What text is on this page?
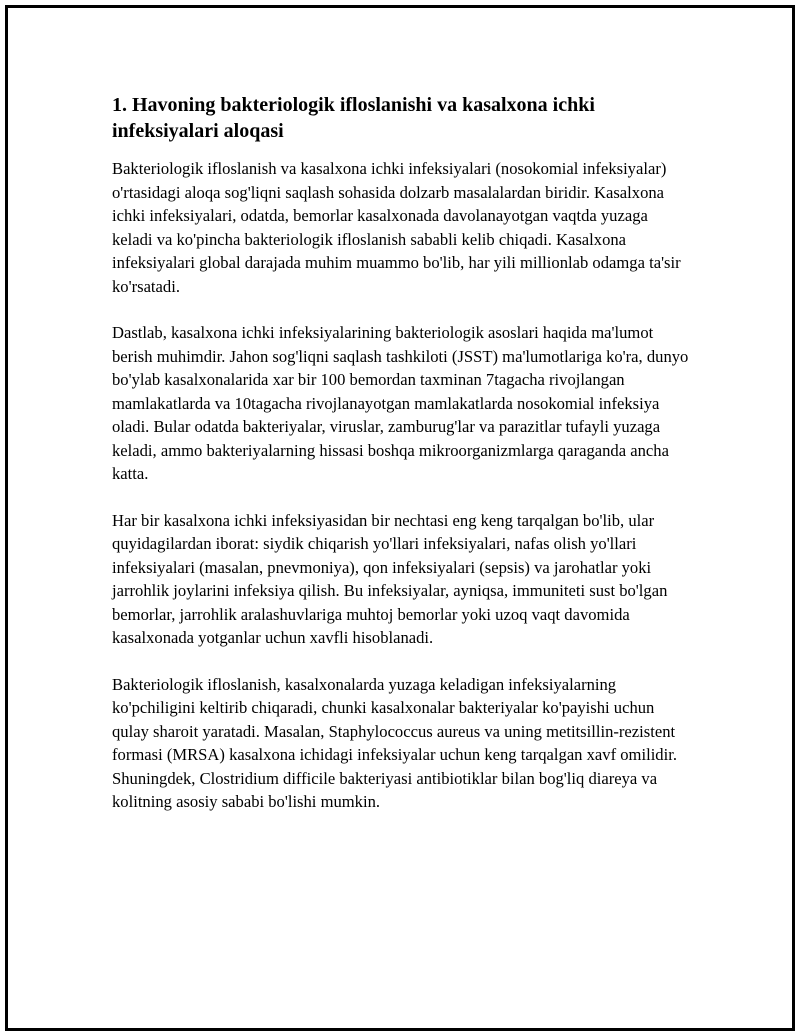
1. Havoning bakteriologik ifloslanishi va kasalxona ichki infeksiyalari aloqasi

Bakteriologik ifloslanish va kasalxona ichki infeksiyalari (nosokomial infeksiyalar) o'rtasidagi aloqa sog'liqni saqlash sohasida dolzarb masalalardan biridir. Kasalxona ichki infeksiyalari, odatda, bemorlar kasalxonada davolanayotgan vaqtda yuzaga keladi va ko'pincha bakteriologik ifloslanish sababli kelib chiqadi. Kasalxona infeksiyalari global darajada muhim muammo bo'lib, har yili millionlab odamga ta'sir ko'rsatadi.

Dastlab, kasalxona ichki infeksiyalarining bakteriologik asoslari haqida ma'lumot berish muhimdir. Jahon sog'liqni saqlash tashkiloti (JSST) ma'lumotlariga ko'ra, dunyo bo'ylab kasalxonalarida xar bir 100 bemordan taxminan 7tagacha rivojlangan mamlakatlarda va 10tagacha rivojlanayotgan mamlakatlarda nosokomial infeksiya oladi. Bular odatda bakteriyalar, viruslar, zamburug'lar va parazitlar tufayli yuzaga keladi, ammo bakteriyalarning hissasi boshqa mikroorganizmlarga qaraganda ancha katta.

Har bir kasalxona ichki infeksiyasidan bir nechtasi eng keng tarqalgan bo'lib, ular quyidagilardan iborat: siydik chiqarish yo'llari infeksiyalari, nafas olish yo'llari infeksiyalari (masalan, pnevmoniya), qon infeksiyalari (sepsis) va jarohatlar yoki jarrohlik joylarini infeksiya qilish. Bu infeksiyalar, ayniqsa, immuniteti sust bo'lgan bemorlar, jarrohlik aralashuvlariga muhtoj bemorlar yoki uzoq vaqt davomida kasalxonada yotganlar uchun xavfli hisoblanadi.

Bakteriologik ifloslanish, kasalxonalarda yuzaga keladigan infeksiyalarning ko'pchiligini keltirib chiqaradi, chunki kasalxonalar bakteriyalar ko'payishi uchun qulay sharoit yaratadi. Masalan, Staphylococcus aureus va uning metitsillin-rezistent formasi (MRSA) kasalxona ichidagi infeksiyalar uchun keng tarqalgan xavf omilidir. Shuningdek, Clostridium difficile bakteriyasi antibiotiklar bilan bog'liq diareya va kolitning asosiy sababi bo'lishi mumkin.
